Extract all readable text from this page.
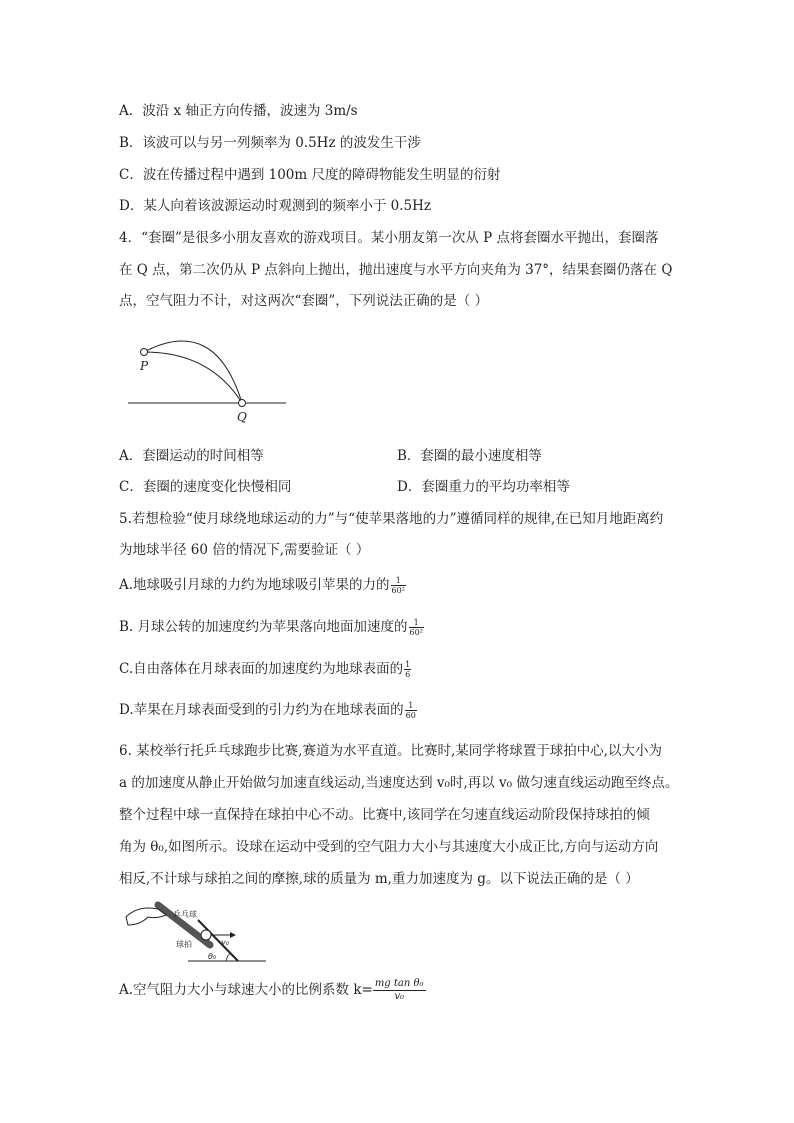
A．波沿 x 轴正方向传播，波速为 3m/s
B．该波可以与另一列频率为 0.5Hz 的波发生干涉
C．波在传播过程中遇到 100m 尺度的障碍物能发生明显的衍射
D．某人向着该波源运动时观测到的频率小于 0.5Hz
4．“套圈”是很多小朋友喜欢的游戏项目。某小朋友第一次从 P 点将套圈水平抛出，套圈落
在 Q 点，第二次仍从 P 点斜向上抛出，抛出速度与水平方向夹角为 37°，结果套圈仍落在 Q
点，空气阻力不计，对这两次“套圈”，下列说法正确的是（ ）
P
Q
A．套圈运动的时间相等	B．套圈的最小速度相等
C．套圈的速度变化快慢相同	D．套圈重力的平均功率相等
5.若想检验“使月球绕地球运动的力”与“使苹果落地的力”遵循同样的规律,在已知月地距离约
为地球半径 60 倍的情况下,需要验证（ ）
A.地球吸引月球的力约为地球吸引苹果的力的 $\frac{1}{\text{60²}}$
B. 月球公转的加速度约为苹果落向地面加速度的 $\frac{1}{\text{60²}}$
C.自由落体在月球表面的加速度约为地球表面的 $\frac{1}{6}$
D.苹果在月球表面受到的引力约为在地球表面的 $\frac{1}{60}$
6. 某校举行托乒乓球跑步比赛,赛道为水平直道。比赛时,某同学将球置于球拍中心,以大小为
a 的加速度从静止开始做匀加速直线运动,当速度达到 v₀时,再以 v₀ 做匀速直线运动跑至终点。
整个过程中球一直保持在球拍中心不动。比赛中,该同学在匀速直线运动阶段保持球拍的倾
角为 θ₀,如图所示。设球在运动中受到的空气阻力大小与其速度大小成正比,方向与运动方向
相反,不计球与球拍之间的摩擦,球的质量为 m,重力加速度为 g。以下说法正确的是（ ）
乒乓球
球拍	v₀
θ₀
A.空气阻力大小与球速大小的比例系数 $k= \frac{\text{mg tan θ₀}}{\text{v₀}}$
